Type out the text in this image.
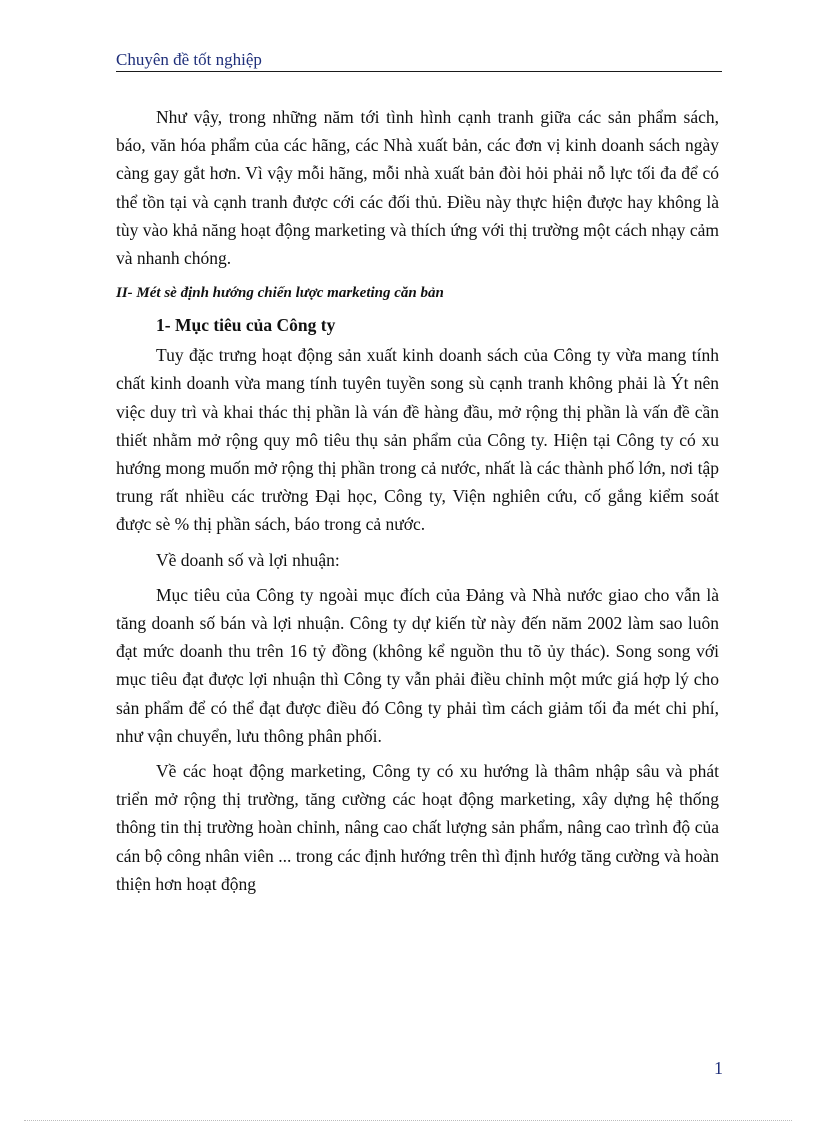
Chuyên đề tốt nghiệp

Như vậy, trong những năm tới tình hình cạnh tranh giữa các sản phẩm sách, báo, văn hóa phẩm của các hãng, các Nhà xuất bản, các đơn vị kinh doanh sách ngày càng gay gắt hơn. Vì vậy mỗi hãng, mỗi nhà xuất bản đòi hỏi phải nỗ lực tối đa để có thể tồn tại và cạnh tranh được cới các đối thủ. Điều này thực hiện được hay không là tùy vào khả năng hoạt động marketing và thích ứng với thị trường một cách nhạy cảm và nhanh chóng.

II- Mét sè định hướng chiến lược marketing căn bản

1- Mục tiêu của Công ty

Tuy đặc trưng hoạt động sản xuất kinh doanh sách của Công ty vừa mang tính chất kinh doanh vừa mang tính tuyên tuyền song sù cạnh tranh không phải là Ýt nên việc duy trì và khai thác thị phần là ván đề hàng đầu, mở rộng thị phần là vấn đề cần thiết nhằm mở rộng quy mô tiêu thụ sản phẩm của Công ty. Hiện tại Công ty có xu hướng mong muốn mở rộng thị phần trong cả nước, nhất là các thành phố lớn, nơi tập trung rất nhiều các trường Đại học, Công ty, Viện nghiên cứu, cố gắng kiểm soát được sè % thị phần sách, báo trong cả nước.

Về doanh số và lợi nhuận:

Mục tiêu của Công ty ngoài mục đích của Đảng và Nhà nước giao cho vẫn là tăng doanh số bán và lợi nhuận. Công ty dự kiến từ này đến năm 2002 làm sao luôn đạt mức doanh thu trên 16 tỷ đồng (không kể nguồn thu tõ ủy thác). Song song với mục tiêu đạt được lợi nhuận thì Công ty vẫn phải điều chỉnh một mức giá hợp lý cho sản phẩm để có thể đạt được điều đó Công ty phải tìm cách giảm tối đa mét chi phí, như vận chuyển, lưu thông phân phối.

Về các hoạt động marketing, Công ty có xu hướng là thâm nhập sâu và phát triển mở rộng thị trường, tăng cường các hoạt động marketing, xây dựng hệ thống thông tin thị trường hoàn chỉnh, nâng cao chất lượng sản phẩm, nâng cao trình độ của cán bộ công nhân viên ... trong các định hướng trên thì định hướg tăng cường và hoàn thiện hơn hoạt động

1
